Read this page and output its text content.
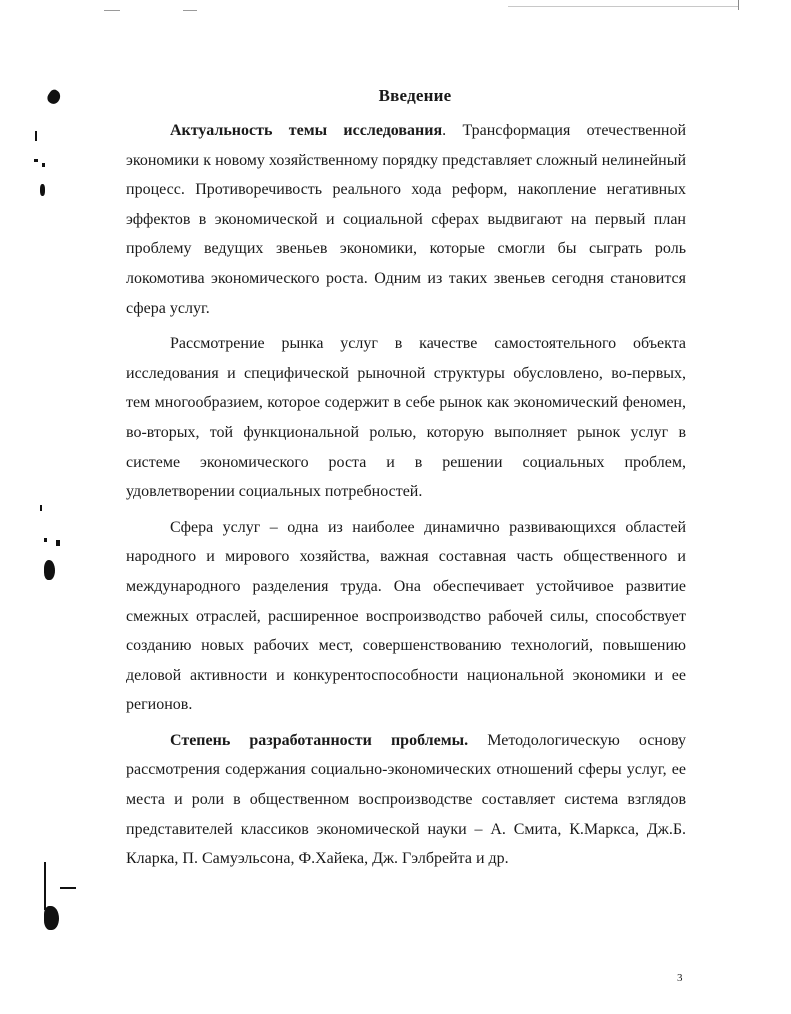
Введение

Актуальность темы исследования. Трансформация отечественной экономики к новому хозяйственному порядку представляет сложный нелинейный процесс. Противоречивость реального хода реформ, накопление негативных эффектов в экономической и социальной сферах выдвигают на первый план проблему ведущих звеньев экономики, которые смогли бы сыграть роль локомотива экономического роста. Одним из таких звеньев сегодня становится сфера услуг.

Рассмотрение рынка услуг в качестве самостоятельного объекта исследования и специфической рыночной структуры обусловлено, во-первых, тем многообразием, которое содержит в себе рынок как экономический феномен, во-вторых, той функциональной ролью, которую выполняет рынок услуг в системе экономического роста и в решении социальных проблем, удовлетворении социальных потребностей.

Сфера услуг – одна из наиболее динамично развивающихся областей народного и мирового хозяйства, важная составная часть общественного и международного разделения труда. Она обеспечивает устойчивое развитие смежных отраслей, расширенное воспроизводство рабочей силы, способствует созданию новых рабочих мест, совершенствованию технологий, повышению деловой активности и конкурентоспособности национальной экономики и ее регионов.

Степень разработанности проблемы. Методологическую основу рассмотрения содержания социально-экономических отношений сферы услуг, ее места и роли в общественном воспроизводстве составляет система взглядов представителей классиков экономической науки – А. Смита, К.Маркса, Дж.Б. Кларка, П. Самуэльсона, Ф.Хайека, Дж. Гэлбрейта и др.

3
